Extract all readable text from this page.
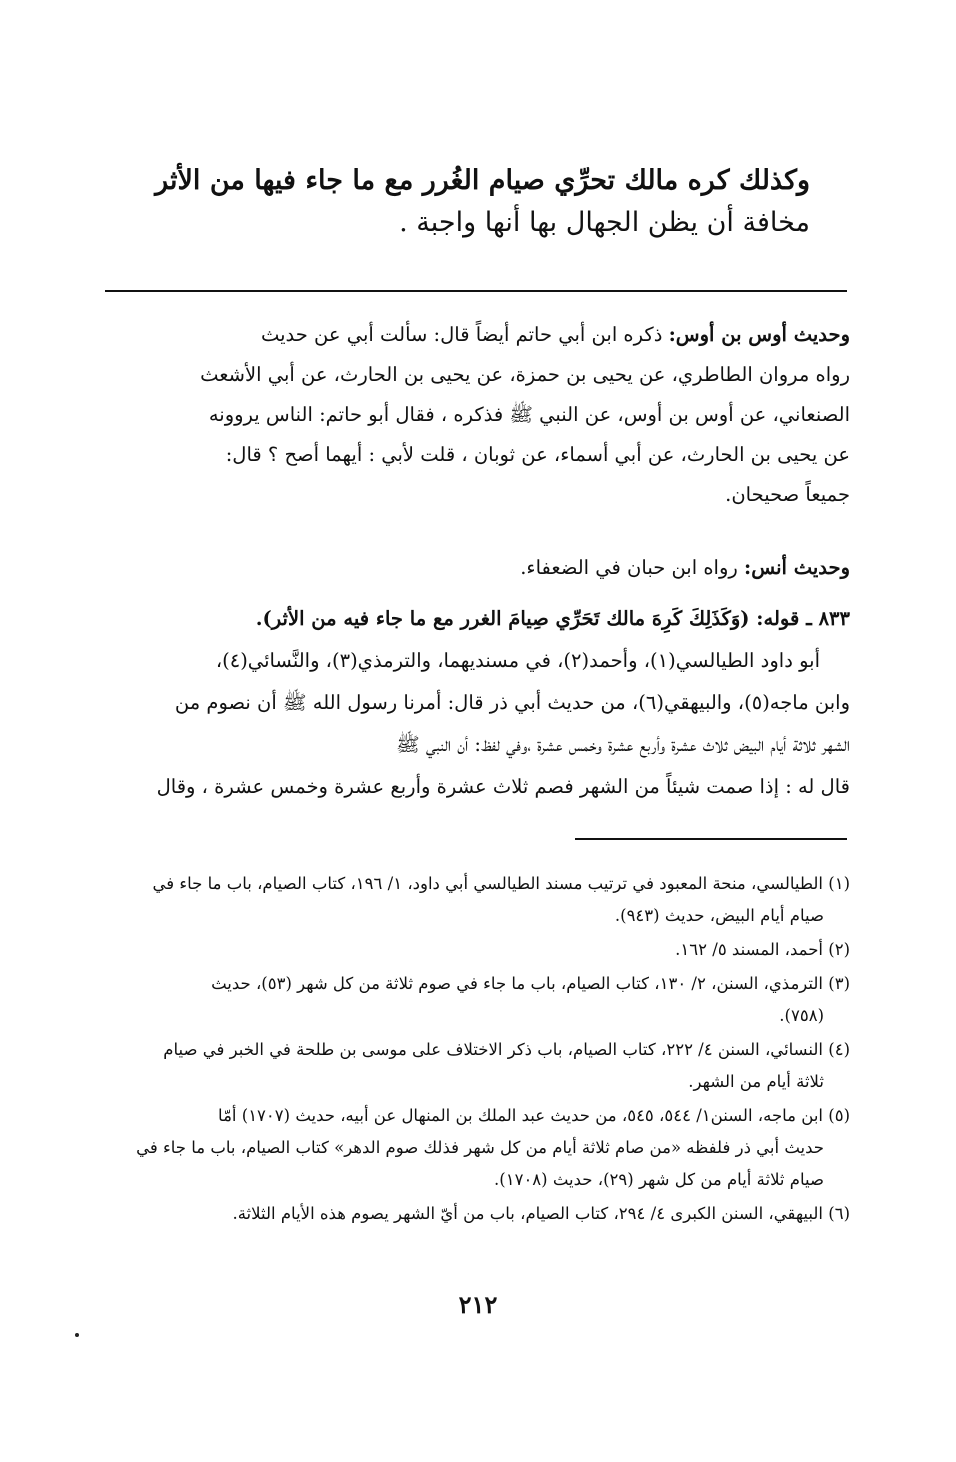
وكذلك كره مالك تحرِّي صيام الغُرر مع ما جاء فيها من الأثر
مخافة أن يظن الجهال بها أنها واجبة .
وحديث أوس بن أوس: ذكره ابن أبي حاتم أيضاً قال: سألت أبي عن حديث
رواه مروان الطاطري، عن يحيى بن حمزة، عن يحيى بن الحارث، عن أبي الأشعث
الصنعاني، عن أوس بن أوس، عن النبي ﷺ فذكره ، فقال أبو حاتم: الناس يروونه
عن يحيى بن الحارث، عن أبي أسماء، عن ثوبان ، قلت لأبي : أيهما أصح ؟ قال:
جميعاً صحيحان.
وحديث أنس: رواه ابن حبان في الضعفاء.
٨٣٣ ـ قوله: (وَكَذَلِكَ كَرِهَ مالك تَحَرِّي صِيامَ الغرر مع ما جاء فيه من الأثر).
أبو داود الطيالسي(١)، وأحمد(٢)، في مسنديهما، والترمذي(٣)، والنَّسائي(٤)،
وابن ماجه(٥)، والبيهقي(٦)، من حديث أبي ذر قال: أمرنا رسول الله ﷺ أن نصوم من
الشهر ثلاثة أيام البيض ثلاث عشرة وأربع عشرة وخمس عشرة ،وفي لفظ: أن النبي ﷺ
قال له : إذا صمت شيئاً من الشهر فصم ثلاث عشرة وأربع عشرة وخمس عشرة ، وقال
(١) الطيالسي، منحة المعبود في ترتيب مسند الطيالسي أبي داود، ١/ ١٩٦، كتاب الصيام، باب ما جاء في
صيام أيام البيض، حديث (٩٤٣).
(٢) أحمد، المسند ٥/ ١٦٢.
(٣) الترمذي، السنن، ٢/ ١٣٠، كتاب الصيام، باب ما جاء في صوم ثلاثة من كل شهر (٥٣)، حديث
(٧٥٨).
(٤) النسائي، السنن ٤/ ٢٢٢، كتاب الصيام، باب ذكر الاختلاف على موسى بن طلحة في الخبر في صيام
ثلاثة أيام من الشهر.
(٥) ابن ماجه، السنن١/ ٥٤٤، ٥٤٥، من حديث عبد الملك بن المنهال عن أبيه، حديث (١٧٠٧) أمّا
حديث أبي ذر فلفظه «من صام ثلاثة أيام من كل شهر فذلك صوم الدهر» كتاب الصيام، باب ما جاء في
صيام ثلاثة أيام من كل شهر (٢٩)، حديث (١٧٠٨).
(٦) البيهقي، السنن الكبرى ٤/ ٢٩٤، كتاب الصيام، باب من أيّ الشهر يصوم هذه الأيام الثلاثة.
٢١٢
